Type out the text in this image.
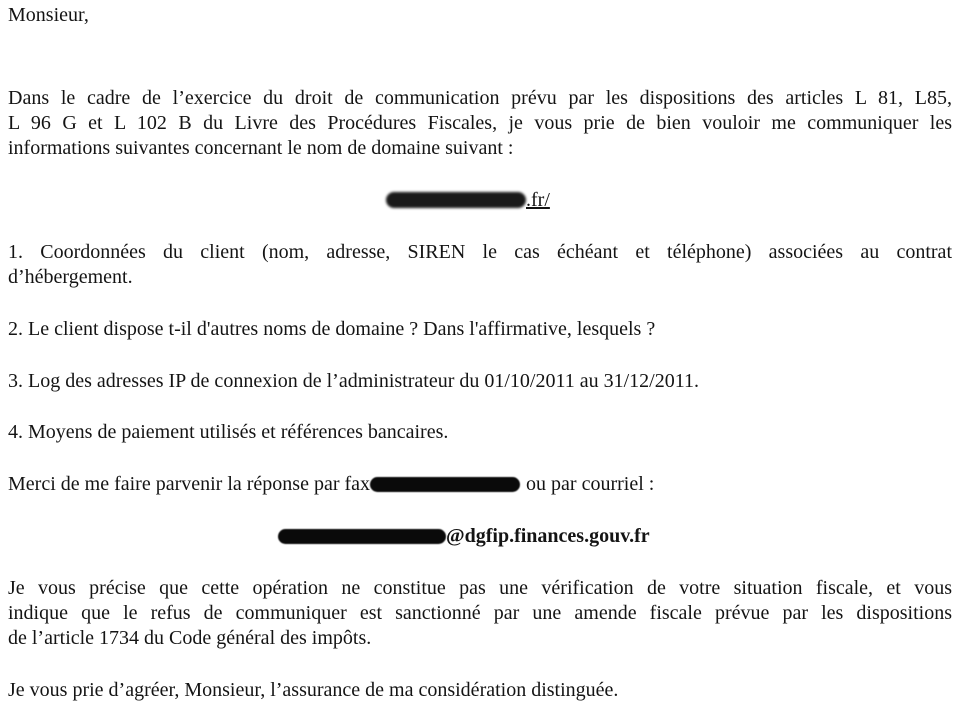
Monsieur,
Dans le cadre de l’exercice du droit de communication prévu par les dispositions des articles L 81, L85,
L 96 G et L 102 B du Livre des Procédures Fiscales, je vous prie de bien vouloir me communiquer les
informations suivantes concernant le nom de domaine suivant :
.fr/
1. Coordonnées du client (nom, adresse, SIREN le cas échéant et téléphone) associées au contrat
d’hébergement.
2. Le client dispose t-il d'autres noms de domaine ? Dans l'affirmative, lesquels ?
3. Log des adresses IP de connexion de l’administrateur du 01/10/2011 au 31/12/2011.
4. Moyens de paiement utilisés et références bancaires.
Merci de me faire parvenir la réponse par fax	ou par courriel :
@dgfip.finances.gouv.fr
Je vous précise que cette opération ne constitue pas une vérification de votre situation fiscale, et vous
indique que le refus de communiquer est sanctionné par une amende fiscale prévue par les dispositions
de l’article 1734 du Code général des impôts.
Je vous prie d’agréer, Monsieur, l’assurance de ma considération distinguée.
